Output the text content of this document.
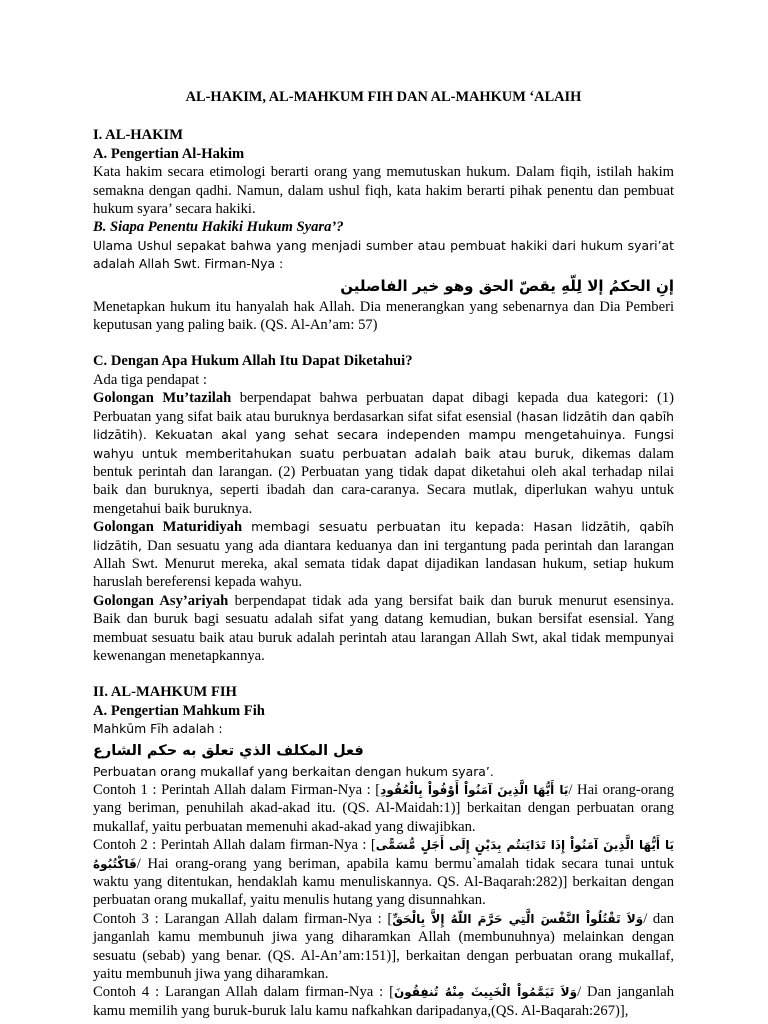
AL-HAKIM, AL-MAHKUM FIH DAN AL-MAHKUM ‘ALAIH
I. AL-HAKIM
A. Pengertian Al-Hakim

Kata hakim secara etimologi berarti orang yang memutuskan hukum. Dalam fiqih, istilah hakim semakna dengan qadhi. Namun, dalam ushul fiqh, kata hakim berarti pihak penentu dan pembuat hukum syara’ secara hakiki.

B. Siapa Penentu Hakiki Hukum Syara’?

Ulama Ushul sepakat bahwa yang menjadi sumber atau pembuat hakiki dari hukum syari’at adalah Allah Swt. Firman-Nya :

إنِ الحكمُ إلا لِلّهِ يقصّ الحق وهو خير الفاصلين

Menetapkan hukum itu hanyalah hak Allah. Dia menerangkan yang sebenarnya dan Dia Pemberi keputusan yang paling baik. (QS. Al-An’am: 57)

C. Dengan Apa Hukum Allah Itu Dapat Diketahui?

Ada tiga pendapat :

Golongan Mu’tazilah berpendapat bahwa perbuatan dapat dibagi kepada dua kategori: (1) Perbuatan yang sifat baik atau buruknya berdasarkan sifat sifat esensial (hasan lidzātih dan qabīh lidzātih). Kekuatan akal yang sehat secara independen mampu mengetahuinya. Fungsi wahyu untuk memberitahukan suatu perbuatan adalah baik atau buruk, dikemas dalam bentuk perintah dan larangan. (2) Perbuatan yang tidak dapat diketahui oleh akal terhadap nilai baik dan buruknya, seperti ibadah dan cara-caranya. Secara mutlak, diperlukan wahyu untuk mengetahui baik buruknya.

Golongan Maturidiyah membagi sesuatu perbuatan itu kepada: Hasan lidzātih, qabīh lidzātih, Dan sesuatu yang ada diantara keduanya dan ini tergantung pada perintah dan larangan Allah Swt. Menurut mereka, akal semata tidak dapat dijadikan landasan hukum, setiap hukum haruslah bereferensi kepada wahyu.

Golongan Asy’ariyah berpendapat tidak ada yang bersifat baik dan buruk menurut esensinya. Baik dan buruk bagi sesuatu adalah sifat yang datang kemudian, bukan bersifat esensial. Yang membuat sesuatu baik atau buruk adalah perintah atau larangan Allah Swt, akal tidak mempunyai kewenangan menetapkannya.

II. AL-MAHKUM FIH
A. Pengertian Mahkum Fih

Mahkūm Fīh adalah :

فعل المكلف الذي تعلق به حكم الشارع

Perbuatan orang mukallaf yang berkaitan dengan hukum syara’.

Contoh 1 : Perintah Allah dalam Firman-Nya : [يَا أَيُّهَا الَّذِينَ آمَنُواْ أَوْفُواْ بِالْعُقُودِ/ Hai orang-orang yang beriman, penuhilah akad-akad itu. (QS. Al-Maidah:1)] berkaitan dengan perbuatan orang mukallaf, yaitu perbuatan memenuhi akad-akad yang diwajibkan.

Contoh 2 : Perintah Allah dalam firman-Nya : [يَا أَيُّهَا الَّذِينَ آمَنُواْ إِذَا تَدَايَنتُم بِدَيْنٍ إِلَى أَجَلٍ مُّسَمًّى فَاكْتُبُوهُ/ Hai orang-orang yang beriman, apabila kamu bermu`amalah tidak secara tunai untuk waktu yang ditentukan, hendaklah kamu menuliskannya. QS. Al-Baqarah:282)] berkaitan dengan perbuatan orang mukallaf, yaitu menulis hutang yang disunnahkan.

Contoh 3 : Larangan Allah dalam firman-Nya : [وَلاَ تَقْتُلُواْ النَّفْسَ الَّتِي حَرَّمَ اللّهُ إِلاَّ بِالْحَقِّ/ dan janganlah kamu membunuh jiwa yang diharamkan Allah (membunuhnya) melainkan dengan sesuatu (sebab) yang benar. (QS. Al-An’am:151)], berkaitan dengan perbuatan orang mukallaf, yaitu membunuh jiwa yang diharamkan.

Contoh 4 : Larangan Allah dalam firman-Nya : [وَلاَ تَيَمَّمُواْ الْخَبِيثَ مِنْهُ تُنفِقُونَ/ Dan janganlah kamu memilih yang buruk-buruk lalu kamu nafkahkan daripadanya,(QS. Al-Baqarah:267)],
